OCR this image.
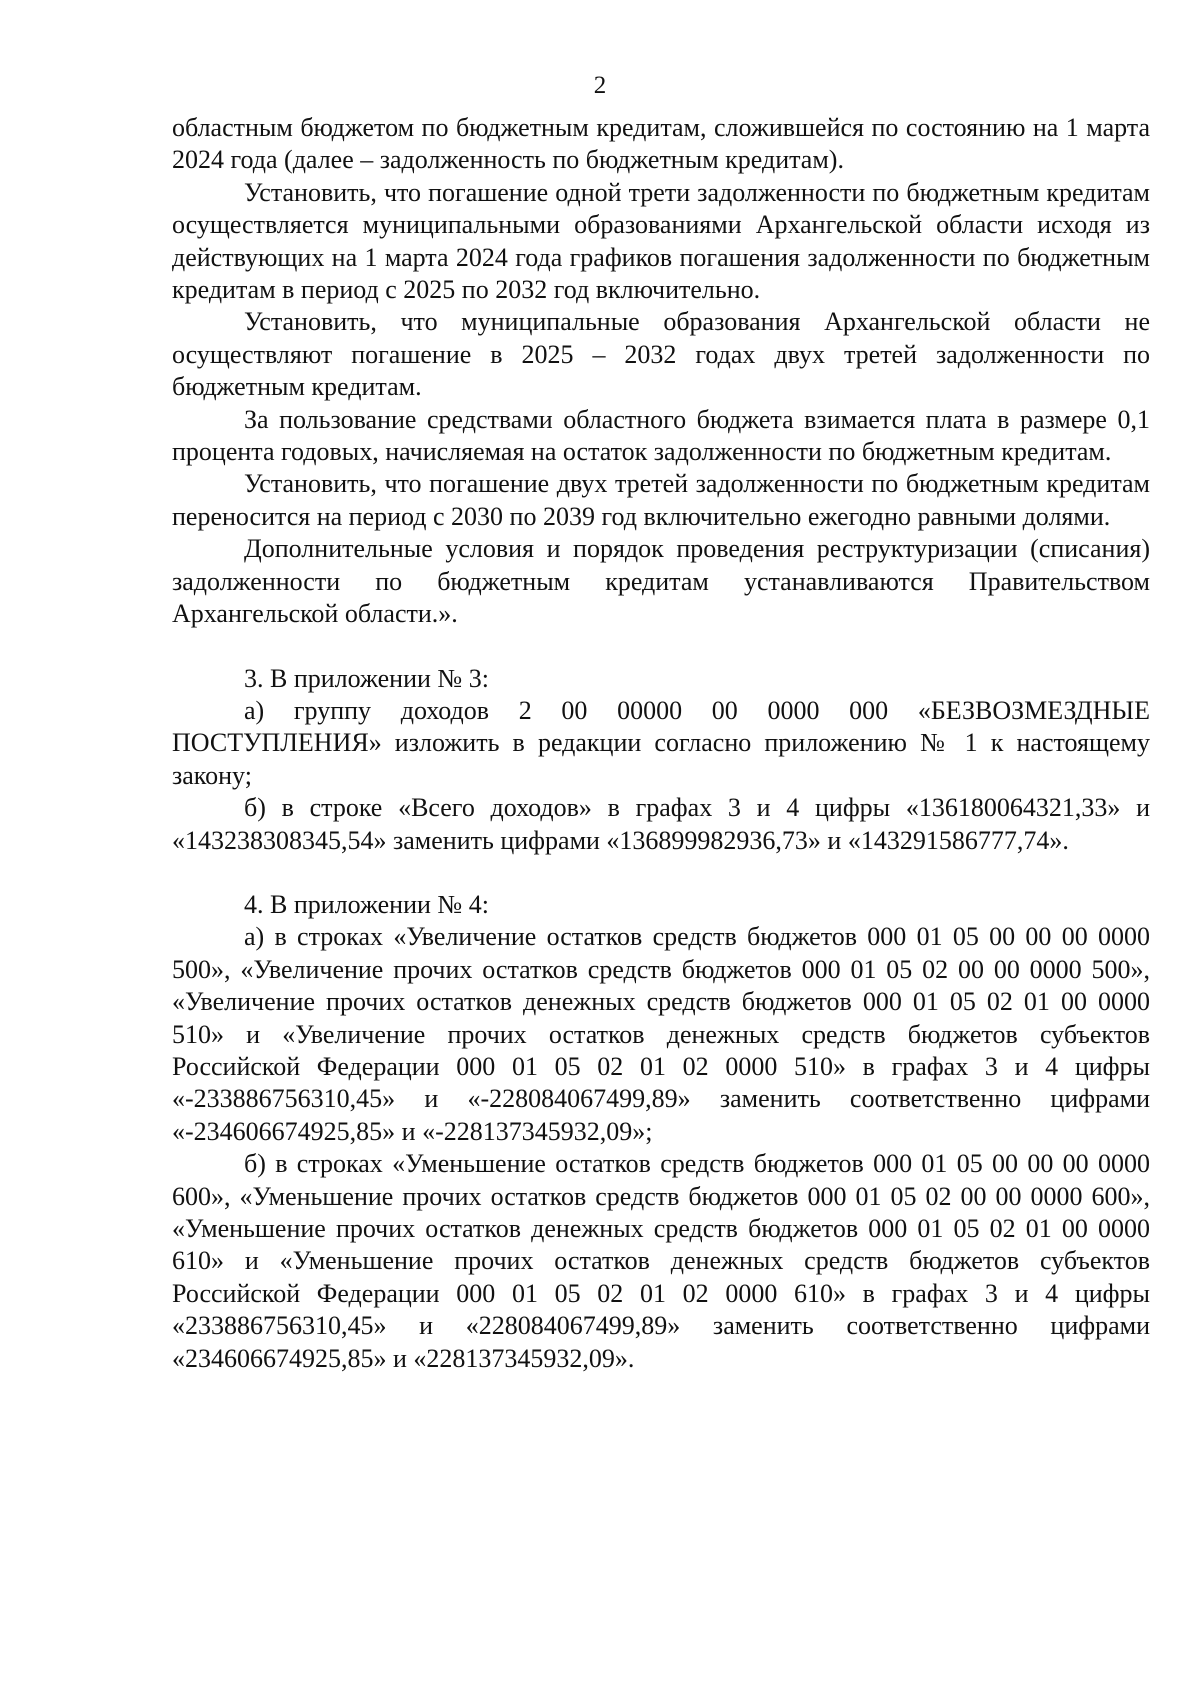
2

областным бюджетом по бюджетным кредитам, сложившейся по состоянию на 1 марта 2024 года (далее – задолженность по бюджетным кредитам).

Установить, что погашение одной трети задолженности по бюджетным кредитам осуществляется муниципальными образованиями Архангельской области исходя из действующих на 1 марта 2024 года графиков погашения задолженности по бюджетным кредитам в период с 2025 по 2032 год включительно.

Установить, что муниципальные образования Архангельской области не осуществляют погашение в 2025 – 2032 годах двух третей задолженности по бюджетным кредитам.

За пользование средствами областного бюджета взимается плата в размере 0,1 процента годовых, начисляемая на остаток задолженности по бюджетным кредитам.

Установить, что погашение двух третей задолженности по бюджетным кредитам переносится на период с 2030 по 2039 год включительно ежегодно равными долями.

Дополнительные условия и порядок проведения реструктуризации (списания) задолженности по бюджетным кредитам устанавливаются Правительством Архангельской области.».

3. В приложении № 3:

а) группу доходов 2 00 00000 00 0000 000 «БЕЗВОЗМЕЗДНЫЕ ПОСТУПЛЕНИЯ» изложить в редакции согласно приложению № 1 к настоящему закону;

б) в строке «Всего доходов» в графах 3 и 4 цифры «136180064321,33» и «143238308345,54» заменить цифрами «136899982936,73» и «143291586777,74».

4. В приложении № 4:

а) в строках «Увеличение остатков средств бюджетов 000 01 05 00 00 00 0000 500», «Увеличение прочих остатков средств бюджетов 000 01 05 02 00 00 0000 500», «Увеличение прочих остатков денежных средств бюджетов 000 01 05 02 01 00 0000 510» и «Увеличение прочих остатков денежных средств бюджетов субъектов Российской Федерации 000 01 05 02 01 02 0000 510» в графах 3 и 4 цифры «-233886756310,45» и «-228084067499,89» заменить соответственно цифрами «-234606674925,85» и «-228137345932,09»;

б) в строках «Уменьшение остатков средств бюджетов 000 01 05 00 00 00 0000 600», «Уменьшение прочих остатков средств бюджетов 000 01 05 02 00 00 0000 600», «Уменьшение прочих остатков денежных средств бюджетов 000 01 05 02 01 00 0000 610» и «Уменьшение прочих остатков денежных средств бюджетов субъектов Российской Федерации 000 01 05 02 01 02 0000 610» в графах 3 и 4 цифры «233886756310,45» и «228084067499,89» заменить соответственно цифрами «234606674925,85» и «228137345932,09».
